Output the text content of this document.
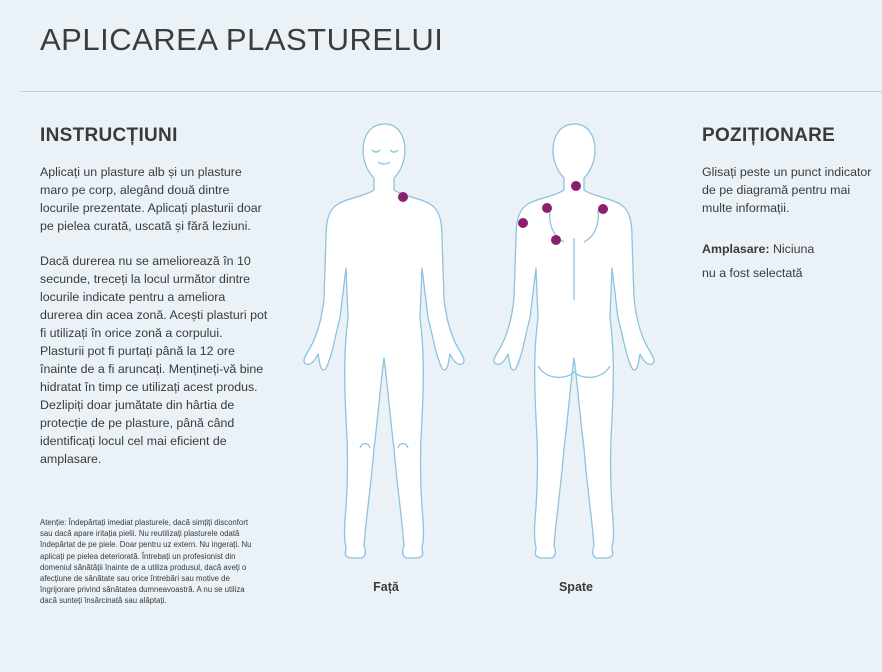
APLICAREA PLASTURELUI
INSTRUCȚIUNI

Aplicați un plasture alb și un plasture maro pe corp, alegând două dintre locurile prezentate. Aplicați plasturii doar pe pielea curată, uscată și fără leziuni.

Dacă durerea nu se ameliorează în 10 secunde, treceți la locul următor dintre locurile indicate pentru a ameliora durerea din acea zonă. Acești plasturi pot fi utilizați în orice zonă a corpului. Plasturii pot fi purtați până la 12 ore înainte de a fi aruncați. Mențineți-vă bine hidratat în timp ce utilizați acest produs. Dezlipiți doar jumătate din hârtia de protecție de pe plasture, până când identificați locul cel mai eficient de amplasare.

Atenție: Îndepărtați imediat plasturele, dacă simțiți disconfort sau dacă apare iritația pielii. Nu reutilizați plasturele odată îndepărtat de pe piele. Doar pentru uz extern. Nu ingerați. Nu aplicați pe pielea deteriorată. Întrebați un profesionist din domeniul sănătății înainte de a utiliza produsul, dacă aveți o afecțiune de sănătate sau orice întrebări sau motive de îngrijorare privind sănătatea dumneavoastră. A nu se utiliza dacă sunteți însărcinată sau alăptați.
Față	Spate
POZIȚIONARE

Glisați peste un punct indicator de pe diagramă pentru mai multe informații.

Amplasare: Niciuna
nu a fost selectată
